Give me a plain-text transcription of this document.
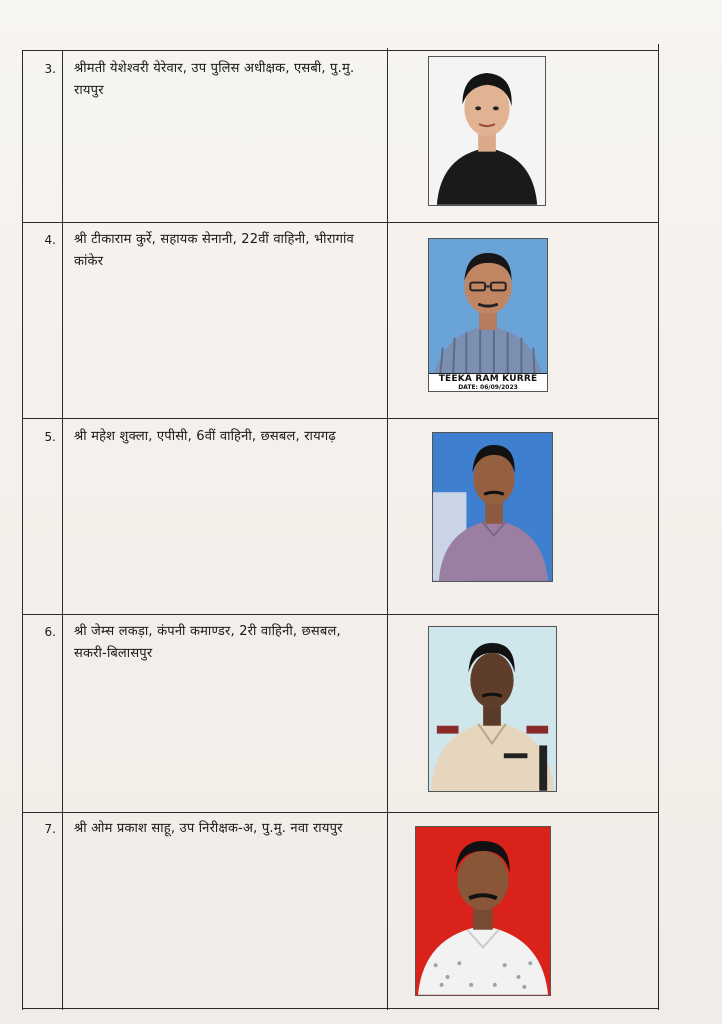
3. श्रीमती येशेश्वरी येरेवार, उप पुलिस अधीक्षक, एसबी, पु.मु. रायपुर
4. श्री टीकाराम कुर्रे, सहायक सेनानी, 22वीं वाहिनी, भीरागांव कांकेर
TEEKA RAM KURRE
DATE: 06/09/2023
5. श्री महेश शुक्ला, एपीसी, 6वीं वाहिनी, छसबल, रायगढ़
6. श्री जेम्स लकड़ा, कंपनी कमाण्डर, 2री वाहिनी, छसबल, सकरी-बिलासपुर
7. श्री ओम प्रकाश साहू, उप निरीक्षक-अ, पु.मु. नवा रायपुर
